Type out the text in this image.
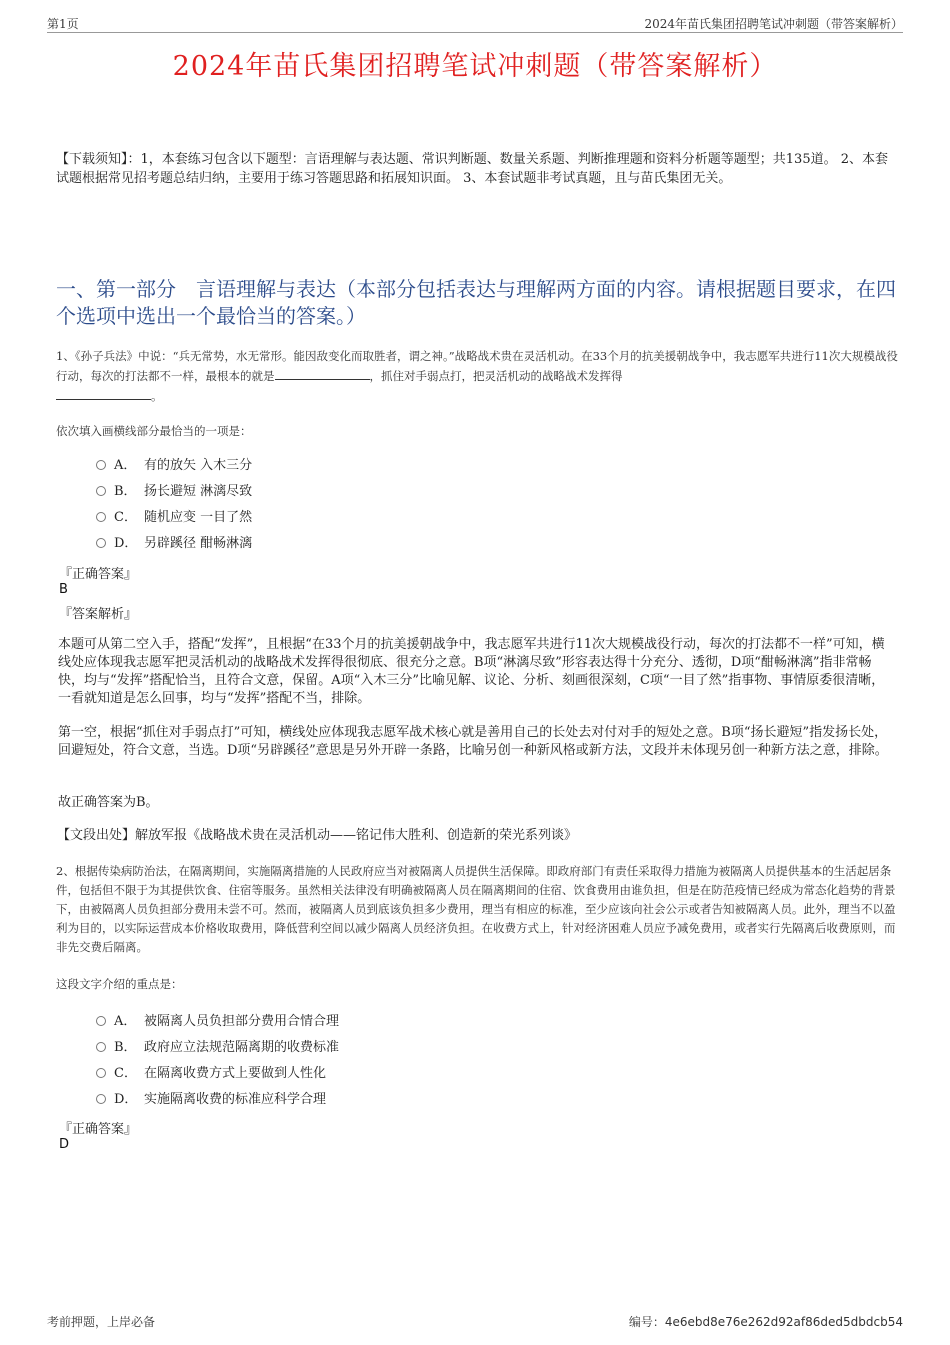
第1页	2024年苗氏集团招聘笔试冲刺题（带答案解析）
2024年苗氏集团招聘笔试冲刺题（带答案解析）
【下载须知】：1，本套练习包含以下题型：言语理解与表达题、常识判断题、数量关系题、判断推理题和资料分析题等题型；共135道。 2、本套试题根据常见招考题总结归纳，主要用于练习答题思路和拓展知识面。 3、本套试题非考试真题，且与苗氏集团无关。
一、第一部分　言语理解与表达（本部分包括表达与理解两方面的内容。请根据题目要求，在四个选项中选出一个最恰当的答案。）
1、《孙子兵法》中说：“兵无常势，水无常形。能因敌变化而取胜者，谓之神。”战略战术贵在灵活机动。在33个月的抗美援朝战争中，我志愿军共进行11次大规模战役行动，每次的打法都不一样，最根本的就是	，抓住对手弱点打，把灵活机动的战略战术发挥得
。
依次填入画横线部分最恰当的一项是：
A． 有的放矢 入木三分
B． 扬长避短 淋漓尽致
C． 随机应变 一目了然
D． 另辟蹊径 酣畅淋漓
『正确答案』
B
『答案解析』
本题可从第二空入手，搭配“发挥”，且根据“在33个月的抗美援朝战争中，我志愿军共进行11次大规模战役行动，每次的打法都不一样”可知，横线处应体现我志愿军把灵活机动的战略战术发挥得很彻底、很充分之意。B项“淋漓尽致”形容表达得十分充分、透彻，D项“酣畅淋漓”指非常畅快，均与“发挥”搭配恰当，且符合文意，保留。A项“入木三分”比喻见解、议论、分析、刻画很深刻，C项“一目了然”指事物、事情原委很清晰，一看就知道是怎么回事，均与“发挥”搭配不当，排除。
第一空，根据“抓住对手弱点打”可知，横线处应体现我志愿军战术核心就是善用自己的长处去对付对手的短处之意。B项“扬长避短”指发扬长处，回避短处，符合文意，当选。D项“另辟蹊径”意思是另外开辟一条路，比喻另创一种新风格或新方法，文段并未体现另创一种新方法之意，排除。
故正确答案为B。
【文段出处】解放军报《战略战术贵在灵活机动——铭记伟大胜利、创造新的荣光系列谈》
2、根据传染病防治法，在隔离期间，实施隔离措施的人民政府应当对被隔离人员提供生活保障。即政府部门有责任采取得力措施为被隔离人员提供基本的生活起居条件，包括但不限于为其提供饮食、住宿等服务。虽然相关法律没有明确被隔离人员在隔离期间的住宿、饮食费用由谁负担，但是在防范疫情已经成为常态化趋势的背景下，由被隔离人员负担部分费用未尝不可。然而，被隔离人员到底该负担多少费用，理当有相应的标准，至少应该向社会公示或者告知被隔离人员。此外，理当不以盈利为目的，以实际运营成本价格收取费用，降低营利空间以减少隔离人员经济负担。在收费方式上，针对经济困难人员应予减免费用，或者实行先隔离后收费原则，而非先交费后隔离。
这段文字介绍的重点是：
A． 被隔离人员负担部分费用合情合理
B． 政府应立法规范隔离期的收费标准
C． 在隔离收费方式上要做到人性化
D． 实施隔离收费的标准应科学合理
『正确答案』
D
考前押题，上岸必备	编号：4e6ebd8e76e262d92af86ded5dbdcb54
